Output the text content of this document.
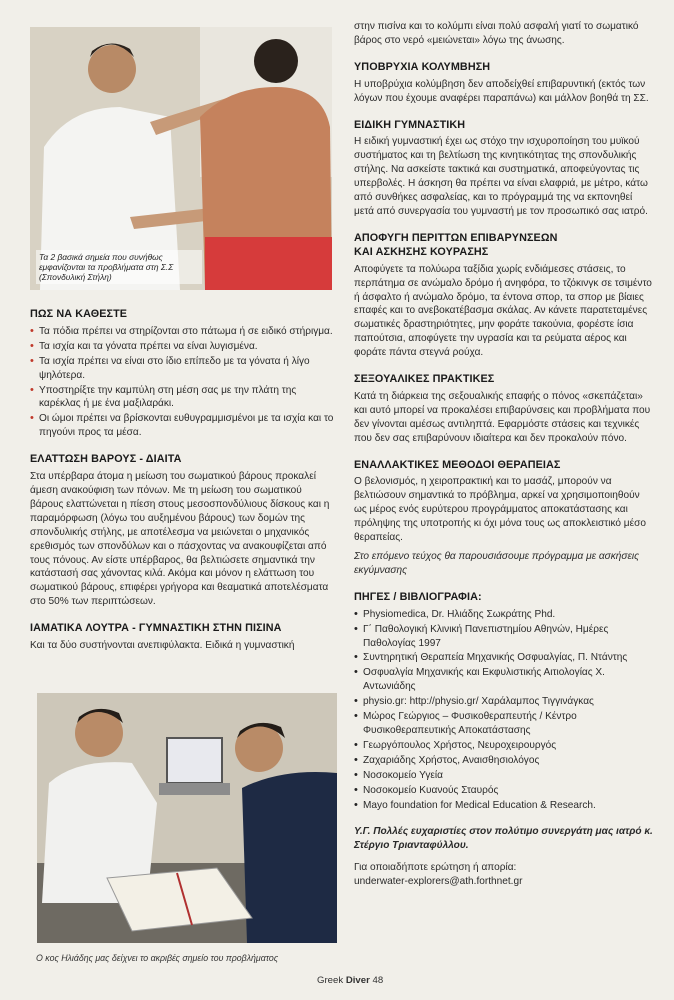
Τα 2 βασικά σημεία που συνήθως εμφανίζονται τα προβλήματα στη Σ.Σ (Σπονδυλική Στήλη)
ΠΩΣ ΝΑ ΚΑΘΕΣΤΕ
• Τα πόδια πρέπει να στηρίζονται στο πάτωμα ή σε ειδικό στήριγμα.
• Τα ισχία και τα γόνατα πρέπει να είναι λυγισμένα.
• Τα ισχία πρέπει να είναι στο ίδιο επίπεδο με τα γόνατα ή λίγο ψηλότερα.
• Υποστηρίξτε την καμπύλη στη μέση σας με την πλάτη της καρέκλας ή με ένα μαξιλαράκι.
• Οι ώμοι πρέπει να βρίσκονται ευθυγραμμισμένοι με τα ισχία και το πηγούνι προς τα μέσα.
ΕΛΑΤΤΩΣΗ ΒΑΡΟΥΣ - ΔΙΑΙΤΑ

Στα υπέρβαρα άτομα η μείωση του σωματικού βάρους προκαλεί άμεση ανακούφιση των πόνων. Με τη μείωση του σωματικού βάρους ελαττώνεται η πίεση στους μεσοσπονδύλιους δίσκους και η παραμόρφωση (λόγω του αυξημένου βάρους) των δομών της σπονδυλικής στήλης, με αποτέλεσμα να μειώνεται ο μηχανικός ερεθισμός των σπονδύλων και ο πάσχοντας να ανακουφίζεται από τους πόνους. Αν είστε υπέρβαρος, θα βελτιώσετε σημαντικά την κατάστασή σας χάνοντας κιλά. Ακόμα και μόνον η ελάττωση του σωματικού βάρους, επιφέρει γρήγορα και θεαματικά αποτελέσματα στο 50% των περιπτώσεων.

ΙΑΜΑΤΙΚΑ ΛΟΥΤΡΑ - ΓΥΜΝΑΣΤΙΚΗ ΣΤΗΝ ΠΙΣΙΝΑ

Και τα δύο συστήνονται ανεπιφύλακτα. Ειδικά η γυμναστική

Ο κος Ηλιάδης μας δείχνει το ακριβές σημείο του προβλήματος

στην πισίνα και το κολύμπι είναι πολύ ασφαλή γιατί το σωματικό βάρος στο νερό «μειώνεται» λόγω της άνωσης.

ΥΠΟΒΡΥΧΙΑ ΚΟΛΥΜΒΗΣΗ

Η υποβρύχια κολύμβηση δεν αποδείχθεί επιβαρυντική (εκτός των λόγων που έχουμε αναφέρει παραπάνω) και μάλλον βοηθά τη ΣΣ.

ΕΙΔΙΚΗ ΓΥΜΝΑΣΤΙΚΗ

Η ειδική γυμναστική έχει ως στόχο την ισχυροποίηση του μυϊκού συστήματος και τη βελτίωση της κινητικότητας της σπονδυλικής στήλης. Να ασκείστε τακτικά και συστηματικά, αποφεύγοντας τις υπερβολές. Η άσκηση θα πρέπει να είναι ελαφριά, με μέτρο, κάτω από συνθήκες ασφαλείας, και το πρόγραμμά της να εκπονηθεί μετά από συνεργασία του γυμναστή με τον προσωπικό σας ιατρό.

ΑΠΟΦΥΓΗ ΠΕΡΙΤΤΩΝ ΕΠΙΒΑΡΥΝΣΕΩΝ
ΚΑΙ ΑΣΚΗΣΗΣ ΚΟΥΡΑΣΗΣ

Αποφύγετε τα πολύωρα ταξίδια χωρίς ενδιάμεσες στάσεις, το περπάτημα σε ανώμαλο δρόμο ή ανηφόρα, το τζόκινγκ σε τσιμέντο ή άσφαλτο ή ανώμαλο δρόμο, τα έντονα σπορ, τα σπορ με βίαιες επαφές και το ανεβοκατέβασμα σκάλας. Αν κάνετε παρατεταμένες σωματικές δραστηριότητες, μην φοράτε τακούνια, φορέστε ίσια παπούτσια, αποφύγετε την υγρασία και τα ρεύματα αέρος και φοράτε πάντα στεγνά ρούχα.

ΣΕΞΟΥΑΛΙΚΕΣ ΠΡΑΚΤΙΚΕΣ

Κατά τη διάρκεια της σεξουαλικής επαφής ο πόνος «σκεπάζεται» και αυτό μπορεί να προκαλέσει επιβαρύνσεις και προβλήματα που δεν γίνονται αμέσως αντιληπτά. Εφαρμόστε στάσεις και τεχνικές που δεν σας επιβαρύνουν ιδιαίτερα και δεν προκαλούν πόνο.

ΕΝΑΛΛΑΚΤΙΚΕΣ ΜΕΘΟΔΟΙ ΘΕΡΑΠΕΙΑΣ

Ο βελονισμός, η χειροπρακτική και το μασάζ, μπορούν να βελτιώσουν σημαντικά το πρόβλημα, αρκεί να χρησιμοποιηθούν ως μέρος ενός ευρύτερου προγράμματος αποκατάστασης και πρόληψης της υποτροπής κι όχι μόνα τους ως αποκλειστικό μέσο θεραπείας.

Στο επόμενο τεύχος θα παρουσιάσουμε πρόγραμμα με ασκήσεις εκγύμνασης

ΠΗΓΕΣ / ΒΙΒΛΙΟΓΡΑΦΙΑ:
• Physiomedica, Dr. Ηλιάδης Σωκράτης Phd.
• Γ΄ Παθολογική Κλινική Πανεπιστημίου Αθηνών, Ημέρες Παθολογίας 1997
• Συντηρητική Θεραπεία Μηχανικής Οσφυαλγίας, Π. Ντάντης
• Οσφυαλγία Μηχανικής και Εκφυλιστικής Αιτιολογίας Χ. Αντωνιάδης
• physio.gr: http://physio.gr/ Χαράλαμπος Τιγγινάγκας
• Μώρος Γεώργιος – Φυσικοθεραπευτής / Κέντρο Φυσικοθεραπευτικής Αποκατάστασης
• Γεωργόπουλος Χρήστος, Νευροχειρουργός
• Ζαχαριάδης Χρήστος, Αναισθησιολόγος
• Νοσοκομείο Υγεία
• Νοσοκομείο Κυανούς Σταυρός
• Mayo foundation for Medical Education & Research.

Υ.Γ. Πολλές ευχαριστίες στον πολύτιμο συνεργάτη μας ιατρό κ. Στέργιο Τριανταφύλλου.

Για οποιαδήποτε ερώτηση ή απορία:

underwater-explorers@ath.forthnet.gr

Greek Diver 48
